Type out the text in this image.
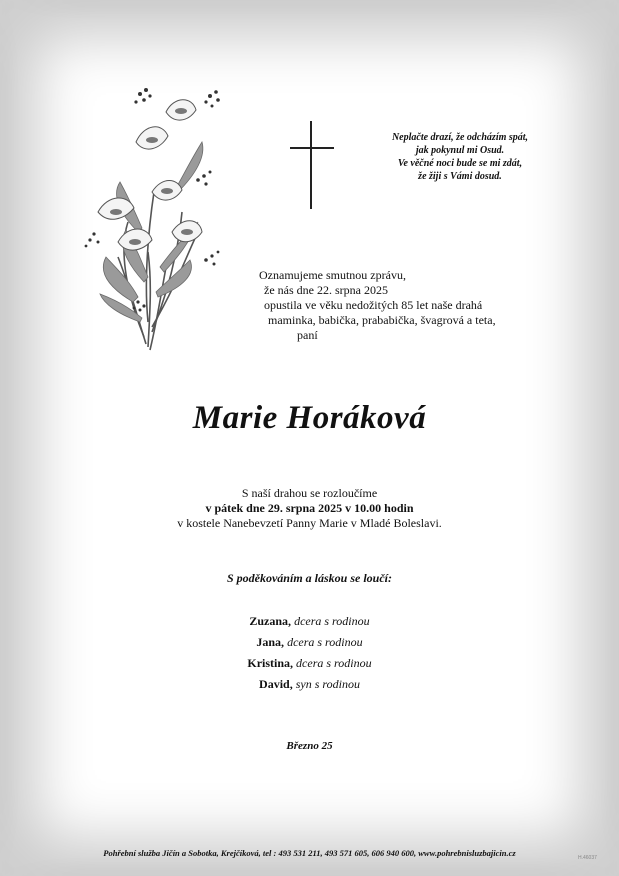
Neplačte drazí, že odcházím spát,
jak pokynul mi Osud.
Ve věčné noci bude se mi zdát,
že žiji s Vámi dosud.
Oznamujeme smutnou zprávu,
že nás dne 22. srpna 2025
opustila ve věku nedožitých 85 let naše drahá
maminka, babička, prababička, švagrová a teta,
paní
Marie Horáková
S naší drahou se rozloučíme
v pátek dne 29. srpna 2025 v 10.00 hodin
v kostele Nanebevzetí Panny Marie v Mladé Boleslavi.
S poděkováním a láskou se loučí:
Zuzana, dcera s rodinou
Jana, dcera s rodinou
Kristina, dcera s rodinou
David, syn s rodinou
Březno 25
Pohřební služba Jičín a Sobotka, Krejčíková, tel : 493 531 211, 493 571 605, 606 940 600, www.pohrebnisluzbajicin.cz	H.46037
